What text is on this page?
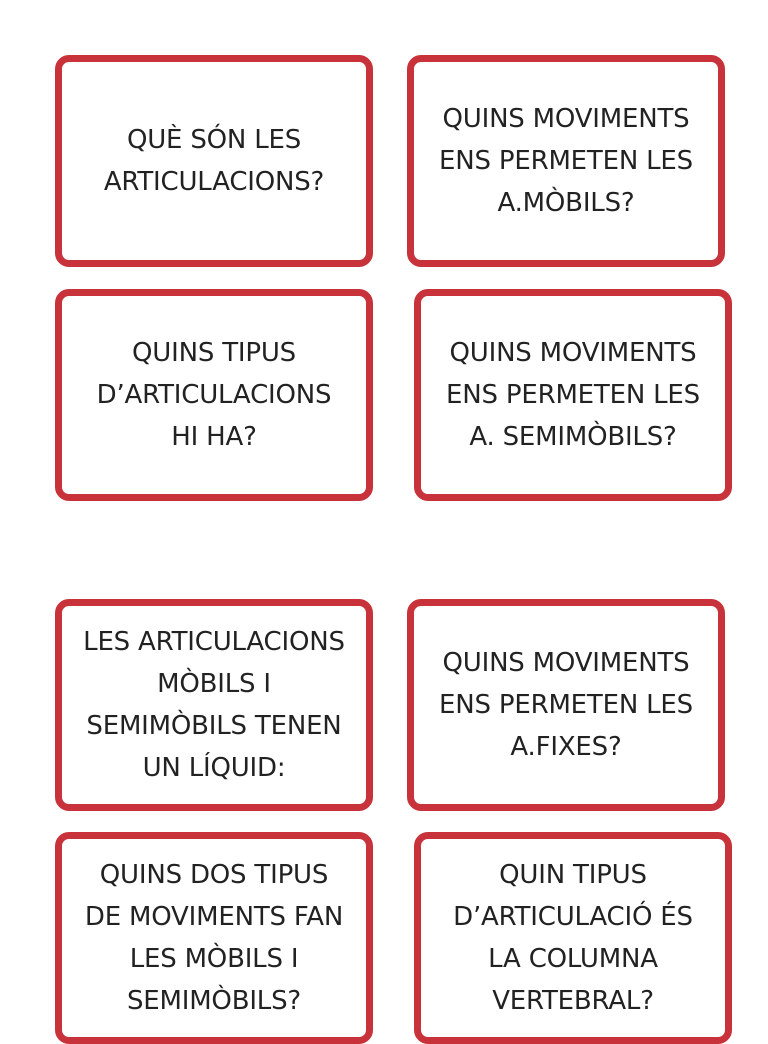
QUÈ SÓN LES
ARTICULACIONS?

QUINS MOVIMENTS
ENS PERMETEN LES
A.MÒBILS?

QUINS TIPUS
D’ARTICULACIONS
HI HA?

QUINS MOVIMENTS
ENS PERMETEN LES
A. SEMIMÒBILS?

LES ARTICULACIONS
MÒBILS I
SEMIMÒBILS TENEN
UN LÍQUID:

QUINS MOVIMENTS
ENS PERMETEN LES
A.FIXES?

QUINS DOS TIPUS
DE MOVIMENTS FAN
LES MÒBILS I
SEMIMÒBILS?

QUIN TIPUS
D’ARTICULACIÓ ÉS
LA COLUMNA
VERTEBRAL?
